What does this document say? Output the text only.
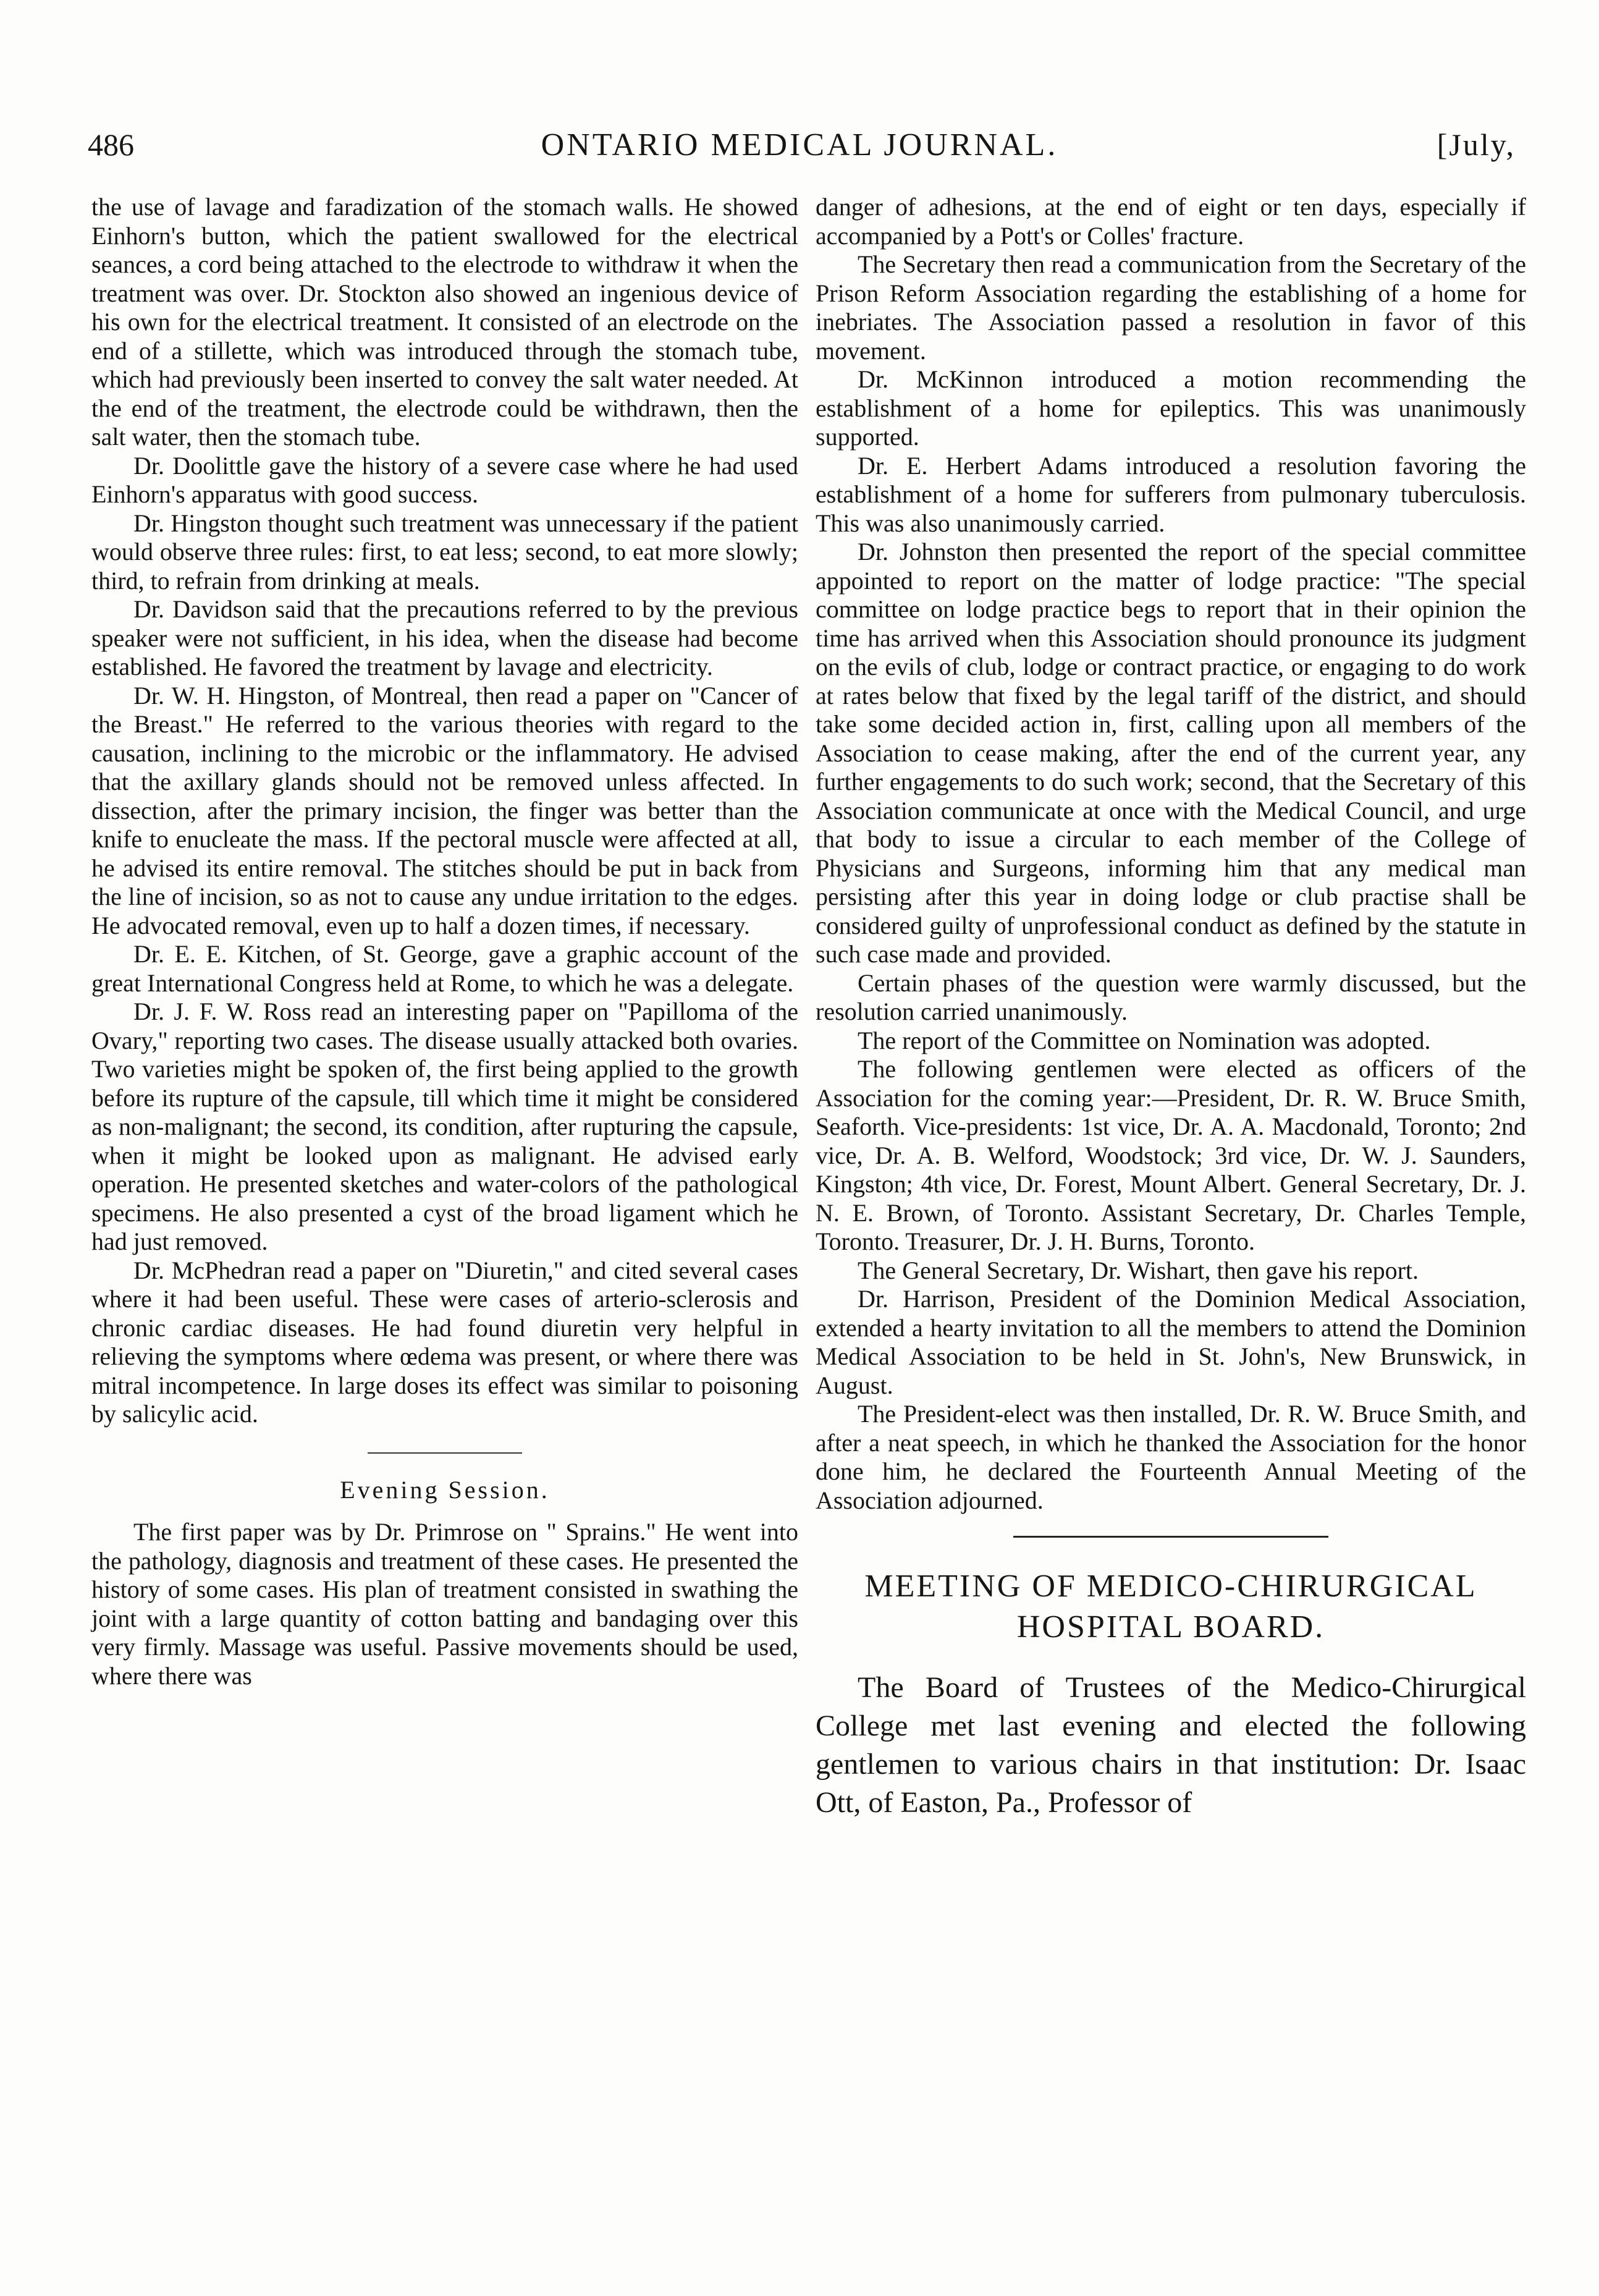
486	ONTARIO MEDICAL JOURNAL.	[July,

the use of lavage and faradization of the stomach walls. He showed Einhorn's button, which the patient swallowed for the electrical seances, a cord being attached to the electrode to withdraw it when the treatment was over. Dr. Stockton also showed an ingenious device of his own for the electrical treatment. It consisted of an electrode on the end of a stillette, which was introduced through the stomach tube, which had previously been inserted to convey the salt water needed. At the end of the treatment, the electrode could be withdrawn, then the salt water, then the stomach tube.

Dr. Doolittle gave the history of a severe case where he had used Einhorn's apparatus with good success.

Dr. Hingston thought such treatment was unnecessary if the patient would observe three rules: first, to eat less; second, to eat more slowly; third, to refrain from drinking at meals.

Dr. Davidson said that the precautions referred to by the previous speaker were not sufficient, in his idea, when the disease had become established. He favored the treatment by lavage and electricity.

Dr. W. H. Hingston, of Montreal, then read a paper on "Cancer of the Breast." He referred to the various theories with regard to the causation, inclining to the microbic or the inflammatory. He advised that the axillary glands should not be removed unless affected. In dissection, after the primary incision, the finger was better than the knife to enucleate the mass. If the pectoral muscle were affected at all, he advised its entire removal. The stitches should be put in back from the line of incision, so as not to cause any undue irritation to the edges. He advocated removal, even up to half a dozen times, if necessary.

Dr. E. E. Kitchen, of St. George, gave a graphic account of the great International Congress held at Rome, to which he was a delegate.

Dr. J. F. W. Ross read an interesting paper on "Papilloma of the Ovary," reporting two cases. The disease usually attacked both ovaries. Two varieties might be spoken of, the first being applied to the growth before its rupture of the capsule, till which time it might be considered as non-malignant; the second, its condition, after rupturing the capsule, when it might be looked upon as malignant. He advised early operation. He presented sketches and water-colors of the pathological specimens. He also presented a cyst of the broad ligament which he had just removed.

Dr. McPhedran read a paper on "Diuretin," and cited several cases where it had been useful. These were cases of arterio-sclerosis and chronic cardiac diseases. He had found diuretin very helpful in relieving the symptoms where œdema was present, or where there was mitral incompetence. In large doses its effect was similar to poisoning by salicylic acid.

Evening Session.

The first paper was by Dr. Primrose on " Sprains." He went into the pathology, diagnosis and treatment of these cases. He presented the history of some cases. His plan of treatment consisted in swathing the joint with a large quantity of cotton batting and bandaging over this very firmly. Massage was useful. Passive movements should be used, where there was

danger of adhesions, at the end of eight or ten days, especially if accompanied by a Pott's or Colles' fracture.

The Secretary then read a communication from the Secretary of the Prison Reform Association regarding the establishing of a home for inebriates. The Association passed a resolution in favor of this movement.

Dr. McKinnon introduced a motion recommending the establishment of a home for epileptics. This was unanimously supported.

Dr. E. Herbert Adams introduced a resolution favoring the establishment of a home for sufferers from pulmonary tuberculosis. This was also unanimously carried.

Dr. Johnston then presented the report of the special committee appointed to report on the matter of lodge practice: "The special committee on lodge practice begs to report that in their opinion the time has arrived when this Association should pronounce its judgment on the evils of club, lodge or contract practice, or engaging to do work at rates below that fixed by the legal tariff of the district, and should take some decided action in, first, calling upon all members of the Association to cease making, after the end of the current year, any further engagements to do such work; second, that the Secretary of this Association communicate at once with the Medical Council, and urge that body to issue a circular to each member of the College of Physicians and Surgeons, informing him that any medical man persisting after this year in doing lodge or club practise shall be considered guilty of unprofessional conduct as defined by the statute in such case made and provided.

Certain phases of the question were warmly discussed, but the resolution carried unanimously.

The report of the Committee on Nomination was adopted.

The following gentlemen were elected as officers of the Association for the coming year:—President, Dr. R. W. Bruce Smith, Seaforth. Vice-presidents: 1st vice, Dr. A. A. Macdonald, Toronto; 2nd vice, Dr. A. B. Welford, Woodstock; 3rd vice, Dr. W. J. Saunders, Kingston; 4th vice, Dr. Forest, Mount Albert. General Secretary, Dr. J. N. E. Brown, of Toronto. Assistant Secretary, Dr. Charles Temple, Toronto. Treasurer, Dr. J. H. Burns, Toronto.

The General Secretary, Dr. Wishart, then gave his report.

Dr. Harrison, President of the Dominion Medical Association, extended a hearty invitation to all the members to attend the Dominion Medical Association to be held in St. John's, New Brunswick, in August.

The President-elect was then installed, Dr. R. W. Bruce Smith, and after a neat speech, in which he thanked the Association for the honor done him, he declared the Fourteenth Annual Meeting of the Association adjourned.

MEETING OF MEDICO-CHIRURGICAL HOSPITAL BOARD.

The Board of Trustees of the Medico-Chirurgical College met last evening and elected the following gentlemen to various chairs in that institution: Dr. Isaac Ott, of Easton, Pa., Professor of
